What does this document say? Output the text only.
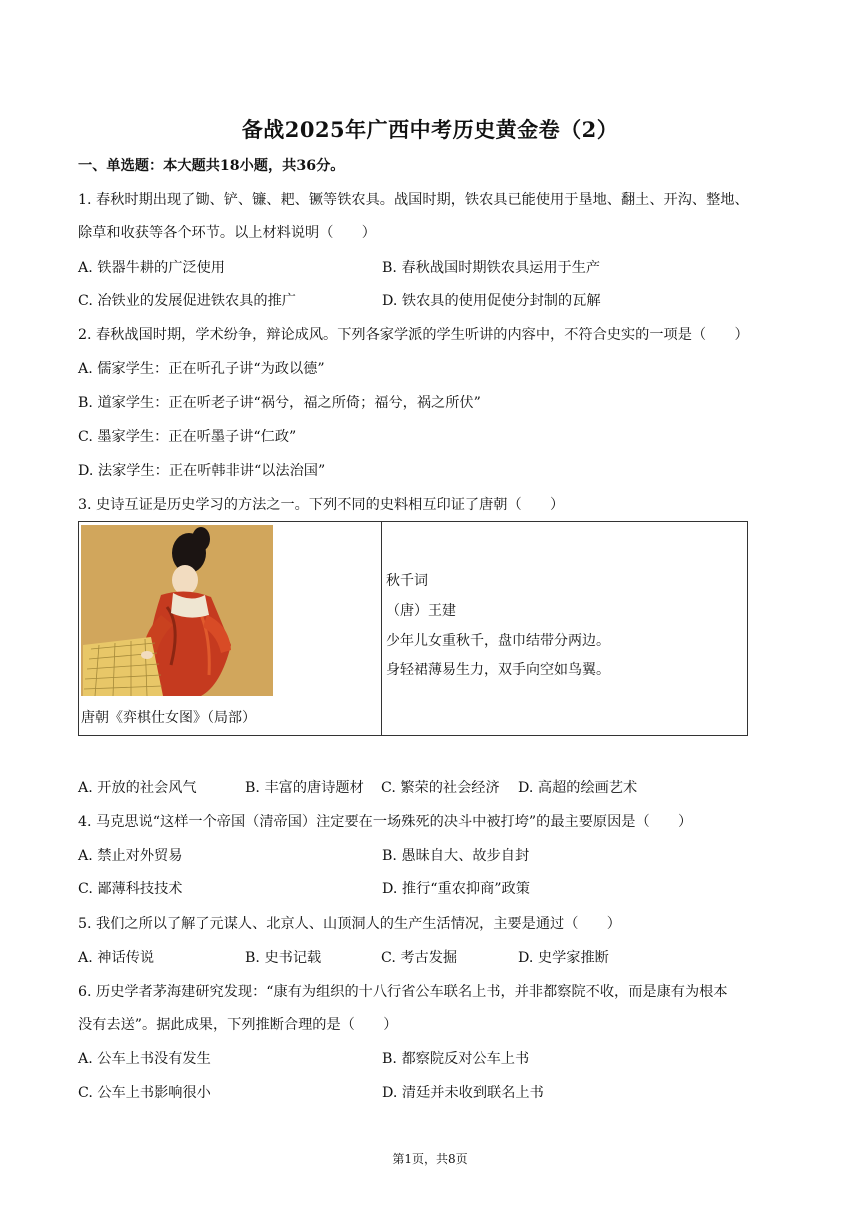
备战2025年广西中考历史黄金卷（2）
一、单选题：本大题共18小题，共36分。
1. 春秋时期出现了锄、铲、镰、耙、镢等铁农具。战国时期，铁农具已能使用于垦地、翻土、开沟、整地、
除草和收获等各个环节。以上材料说明（　　）
A. 铁器牛耕的广泛使用	B. 春秋战国时期铁农具运用于生产
C. 冶铁业的发展促进铁农具的推广	D. 铁农具的使用促使分封制的瓦解
2. 春秋战国时期，学术纷争，辩论成风。下列各家学派的学生听讲的内容中，不符合史实的一项是（　　）
A. 儒家学生：正在听孔子讲“为政以德”
B. 道家学生：正在听老子讲“祸兮，福之所倚；福兮，祸之所伏”
C. 墨家学生：正在听墨子讲“仁政”
D. 法家学生：正在听韩非讲“以法治国”
3. 史诗互证是历史学习的方法之一。下列不同的史料相互印证了唐朝（　　）
唐朝《弈棋仕女图》（局部）
秋千词
（唐）王建
少年儿女重秋千，盘巾结带分两边。
身轻裙薄易生力，双手向空如鸟翼。
A. 开放的社会风气	B. 丰富的唐诗题材 C. 繁荣的社会经济 D. 高超的绘画艺术
4. 马克思说“这样一个帝国（清帝国）注定要在一场殊死的决斗中被打垮”的最主要原因是（　　）
A. 禁止对外贸易	B. 愚昧自大、故步自封
C. 鄙薄科技技术	D. 推行“重农抑商”政策
5. 我们之所以了解了元谋人、北京人、山顶洞人的生产生活情况，主要是通过（　　）
A. 神话传说	B. 史书记载	C. 考古发掘	D. 史学家推断
6. 历史学者茅海建研究发现：“康有为组织的十八行省公车联名上书，并非都察院不收，而是康有为根本
没有去送”。据此成果，下列推断合理的是（　　）
A. 公车上书没有发生	B. 都察院反对公车上书
C. 公车上书影响很小	D. 清廷并未收到联名上书
第1页，共8页
